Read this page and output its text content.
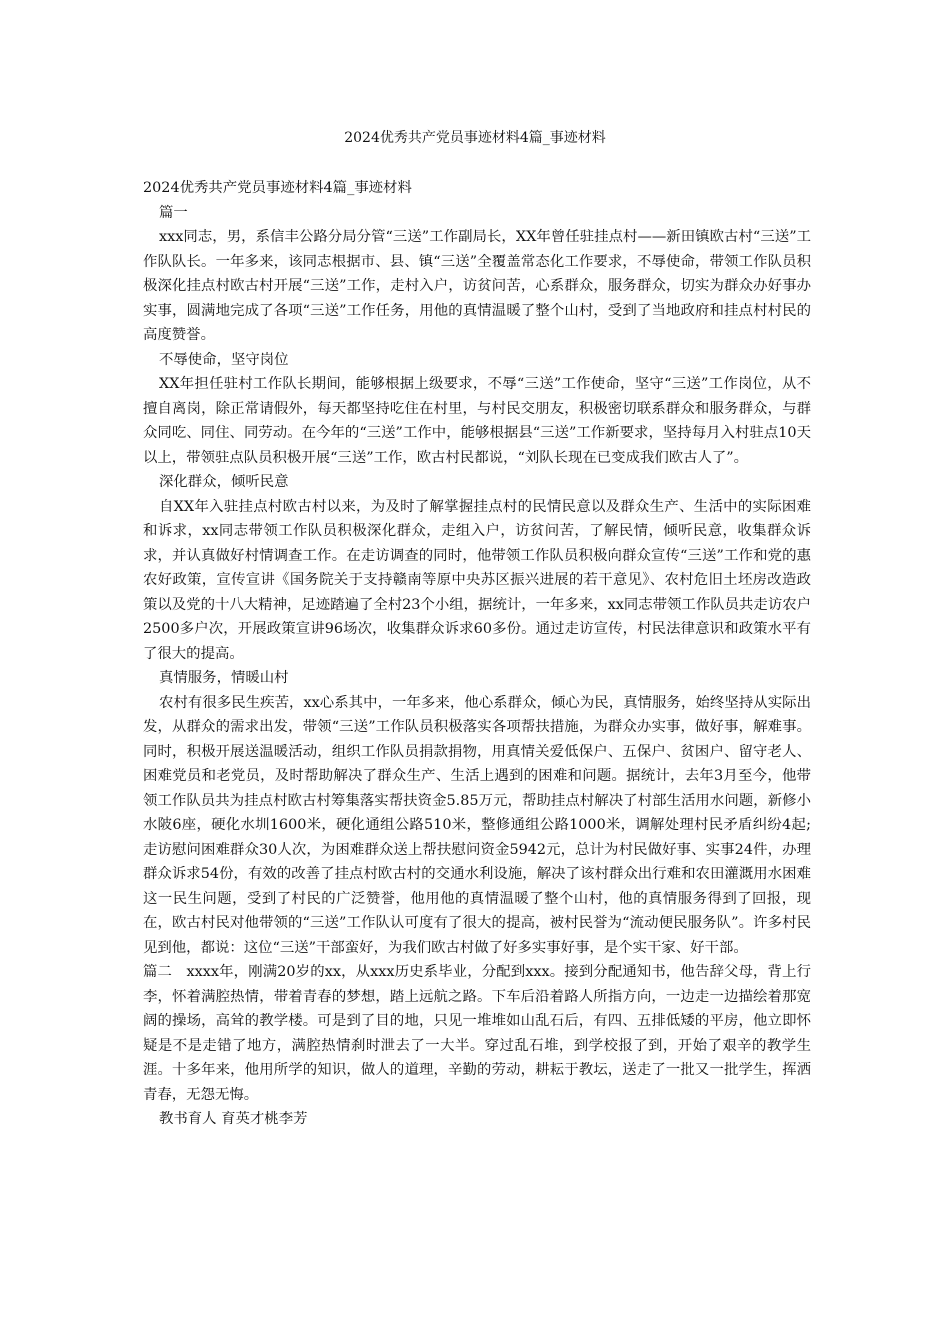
2024优秀共产党员事迹材料4篇_事迹材料

2024优秀共产党员事迹材料4篇_事迹材料

篇一

xxx同志，男，系信丰公路分局分管“三送”工作副局长，XX年曾任驻挂点村——新田镇欧古村“三送”工作队队长。一年多来，该同志根据市、县、镇“三送”全覆盖常态化工作要求，不辱使命，带领工作队员积极深化挂点村欧古村开展“三送”工作，走村入户，访贫问苦，心系群众，服务群众，切实为群众办好事办实事，圆满地完成了各项“三送”工作任务，用他的真情温暖了整个山村，受到了当地政府和挂点村村民的高度赞誉。

不辱使命，坚守岗位

XX年担任驻村工作队长期间，能够根据上级要求，不辱“三送”工作使命，坚守“三送”工作岗位，从不擅自离岗，除正常请假外，每天都坚持吃住在村里，与村民交朋友，积极密切联系群众和服务群众，与群众同吃、同住、同劳动。在今年的“三送”工作中，能够根据县“三送”工作新要求，坚持每月入村驻点10天以上，带领驻点队员积极开展“三送”工作，欧古村民都说，“刘队长现在已变成我们欧古人了”。

深化群众，倾听民意

自XX年入驻挂点村欧古村以来，为及时了解掌握挂点村的民情民意以及群众生产、生活中的实际困难和诉求，xx同志带领工作队员积极深化群众，走组入户，访贫问苦，了解民情，倾听民意，收集群众诉求，并认真做好村情调查工作。在走访调查的同时，他带领工作队员积极向群众宣传“三送”工作和党的惠农好政策，宣传宣讲《国务院关于支持赣南等原中央苏区振兴进展的若干意见》、农村危旧土坯房改造政策以及党的十八大精神，足迹踏遍了全村23个小组，据统计，一年多来，xx同志带领工作队员共走访农户2500多户次，开展政策宣讲96场次，收集群众诉求60多份。通过走访宣传，村民法律意识和政策水平有了很大的提高。

真情服务，情暖山村

农村有很多民生疾苦，xx心系其中，一年多来，他心系群众，倾心为民，真情服务，始终坚持从实际出发，从群众的需求出发，带领“三送”工作队员积极落实各项帮扶措施，为群众办实事，做好事，解难事。同时，积极开展送温暖活动，组织工作队员捐款捐物，用真情关爱低保户、五保户、贫困户、留守老人、困难党员和老党员，及时帮助解决了群众生产、生活上遇到的困难和问题。据统计，去年3月至今，他带领工作队员共为挂点村欧古村筹集落实帮扶资金5.85万元，帮助挂点村解决了村部生活用水问题，新修小水陂6座，硬化水圳1600米，硬化通组公路510米，整修通组公路1000米，调解处理村民矛盾纠纷4起;走访慰问困难群众30人次，为困难群众送上帮扶慰问资金5942元，总计为村民做好事、实事24件，办理群众诉求54份，有效的改善了挂点村欧古村的交通水利设施，解决了该村群众出行难和农田灌溉用水困难这一民生问题，受到了村民的广泛赞誉，他用他的真情温暖了整个山村，他的真情服务得到了回报，现在，欧古村民对他带领的“三送”工作队认可度有了很大的提高，被村民誉为“流动便民服务队”。许多村民见到他，都说：这位“三送”干部蛮好，为我们欧古村做了好多实事好事，是个实干家、好干部。

篇二　xxxx年，刚满20岁的xx，从xxx历史系毕业，分配到xxx。接到分配通知书，他告辞父母，背上行李，怀着满腔热情，带着青春的梦想，踏上远航之路。下车后沿着路人所指方向，一边走一边描绘着那宽阔的操场，高耸的教学楼。可是到了目的地，只见一堆堆如山乱石后，有四、五排低矮的平房，他立即怀疑是不是走错了地方，满腔热情刹时泄去了一大半。穿过乱石堆，到学校报了到，开始了艰辛的教学生涯。十多年来，他用所学的知识，做人的道理，辛勤的劳动，耕耘于教坛，送走了一批又一批学生，挥洒青春，无怨无悔。

教书育人 育英才桃李芳
